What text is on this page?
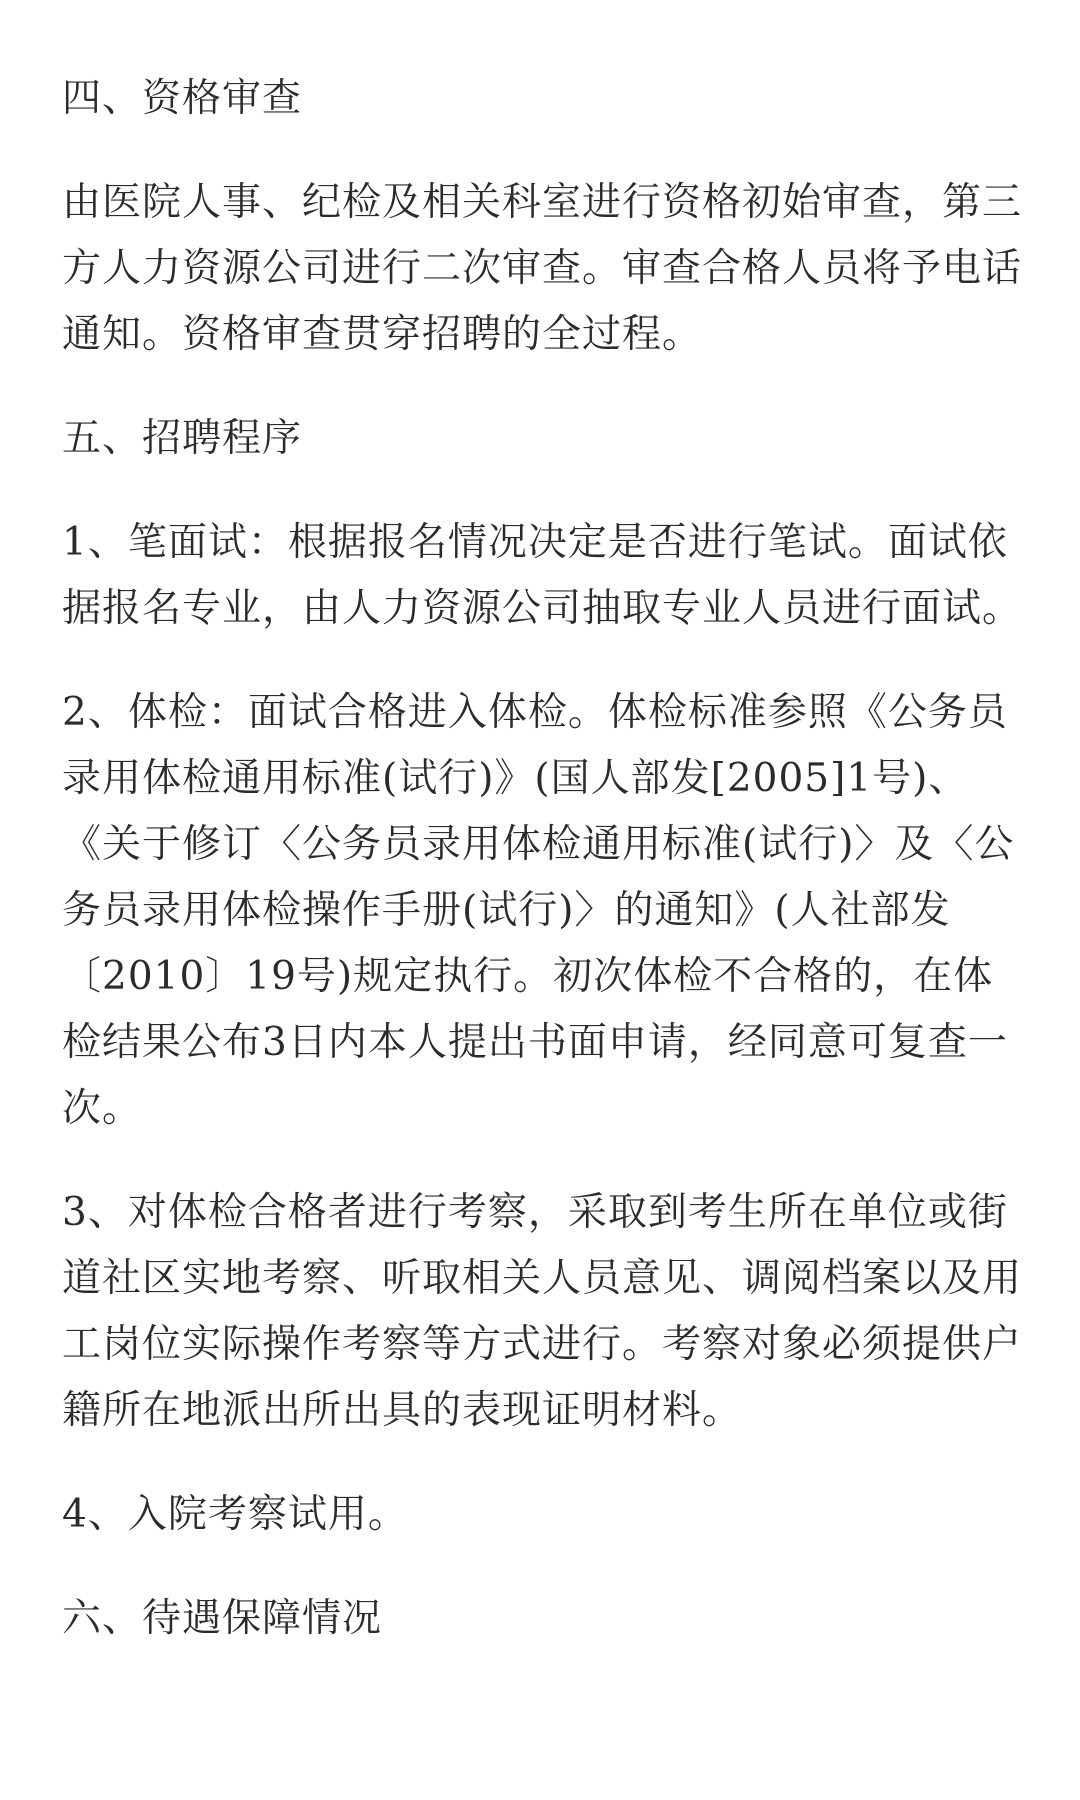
四、资格审查

由医院人事、纪检及相关科室进行资格初始审查，第三方人力资源公司进行二次审查。审查合格人员将予电话通知。资格审查贯穿招聘的全过程。

五、招聘程序

1、笔面试：根据报名情况决定是否进行笔试。面试依据报名专业，由人力资源公司抽取专业人员进行面试。

2、体检：面试合格进入体检。体检标准参照《公务员录用体检通用标准(试行)》(国人部发[2005]1号)、《关于修订〈公务员录用体检通用标准(试行)〉及〈公务员录用体检操作手册(试行)〉的通知》(人社部发〔2010〕19号)规定执行。初次体检不合格的，在体检结果公布3日内本人提出书面申请，经同意可复查一次。

3、对体检合格者进行考察，采取到考生所在单位或街道社区实地考察、听取相关人员意见、调阅档案以及用工岗位实际操作考察等方式进行。考察对象必须提供户籍所在地派出所出具的表现证明材料。

4、入院考察试用。

六、待遇保障情况
